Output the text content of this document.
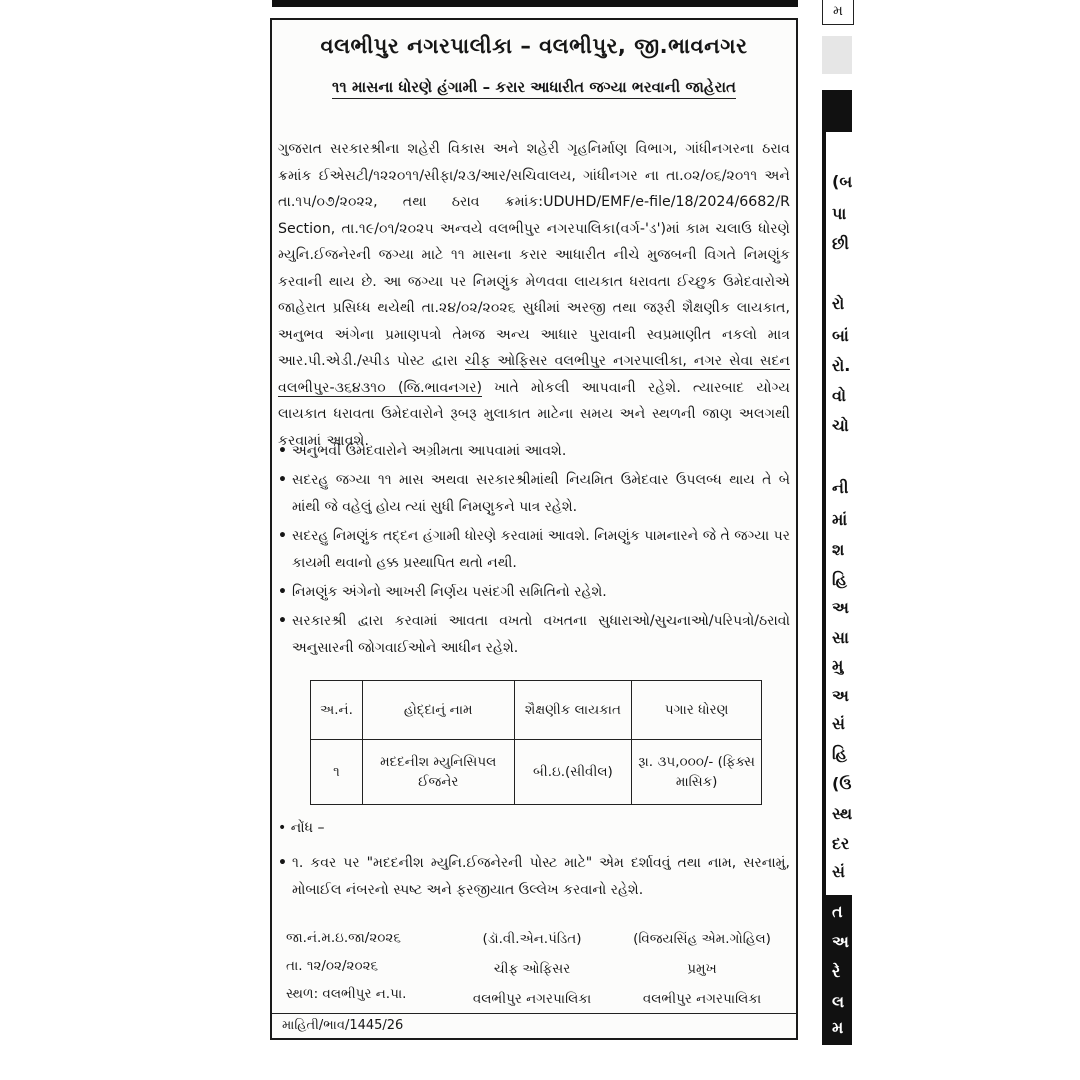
વલભીપુર નગરપાલીકા – વલભીપુર, જી.ભાવનગર
૧૧ માસના ધોરણે હંગામી – કરાર આધારીત જગ્યા ભરવાની જાહેરાત
ગુજરાત સરકારશ્રીના શહેરી વિકાસ અને શહેરી ગૃહનિર્માણ વિભાગ, ગાંધીનગરના ઠરાવ ક્રમાંક ઈએસટી/૧૨૨૦૧૧/સીફા/૨૩/આર/સચિવાલય, ગાંધીનગર ના તા.૦૨/૦૬/૨૦૧૧ અને તા.૧૫/૦૭/૨૦૨૨, તથા ઠરાવ ક્રમાંક:UDUHD/EMF/e-file/18/2024/6682/R Section, તા.૧૯/૦૧/૨૦૨૫ અન્વયે વલભીપુર નગરપાલિકા(વર્ગ-'ડ')માં કામ ચલાઉ ધોરણે મ્યુનિ.ઈજનેરની જગ્યા માટે ૧૧ માસના કરાર આધારીત નીચે મુજબની વિગતે નિમણુંક કરવાની થાય છે. આ જગ્યા પર નિમણુંક મેળવવા લાયકાત ધરાવતા ઈચ્છુક ઉમેદવારોએ જાહેરાત પ્રસિધ્ધ થયેથી તા.૨૪/૦૨/૨૦૨૬ સુધીમાં અરજી તથા જરૂરી શૈક્ષણીક લાયકાત, અનુભવ અંગેના પ્રમાણપત્રો તેમજ અન્ય આધાર પુરાવાની સ્વપ્રમાણીત નકલો માત્ર આર.પી.એડી./સ્પીડ પોસ્ટ દ્વારા ચીફ ઓફિસર વલભીપુર નગરપાલીકા, નગર સેવા સદન વલભીપુર-૩૬૪૩૧૦ (જિ.ભાવનગર) ખાતે મોકલી આપવાની રહેશે. ત્યારબાદ યોગ્ય લાયકાત ધરાવતા ઉમેદવારોને રૂબરૂ મુલાકાત માટેના સમય અને સ્થળની જાણ અલગથી કરવામાં આવશે.
• અનુભવી ઉમેદવારોને અગ્રીમતા આપવામાં આવશે.
• સદરહુ જગ્યા ૧૧ માસ અથવા સરકારશ્રીમાંથી નિયમિત ઉમેદવાર ઉપલબ્ધ થાય તે બે માંથી જે વહેલું હોય ત્યાં સુધી નિમણુકને પાત્ર રહેશે.
• સદરહુ નિમણુંક તદ્દન હંગામી ધોરણે કરવામાં આવશે. નિમણુંક પામનારને જે તે જગ્યા પર કાયમી થવાનો હક્ક પ્રસ્થાપિત થતો નથી.
• નિમણુંક અંગેનો આખરી નિર્ણય પસંદગી સમિતિનો રહેશે.
• સરકારશ્રી દ્વારા કરવામાં આવતા વખતો વખતના સુધારાઓ/સુચનાઓ/પરિપત્રો/ઠરાવો અનુસારની જોગવાઈઓને આધીન રહેશે.
અ.નં.	હોદ્દાનું નામ	શૈક્ષણીક લાયકાત	પગાર ધોરણ
૧	મદદનીશ મ્યુનિસિપલ ઈજનેર	બી.ઇ.(સીવીલ)	રૂા. ૩૫,૦૦૦/- (ફિક્સ માસિક)
• નોંધ –
• ૧. કવર પર "મદદનીશ મ્યુનિ.ઈજનેરની પોસ્ટ માટે" એમ દર્શાવવું તથા નામ, સરનામું, મોબાઈલ નંબરનો સ્પષ્ટ અને ફરજીયાત ઉલ્લેખ કરવાનો રહેશે.
જા.નં.મ.ઇ.જા/૨૦૨૬
તા. ૧૨/૦૨/૨૦૨૬
સ્થળ: વલભીપુર ન.પા.
(ડૉ.વી.એન.પંડિત)
ચીફ ઓફિસર
વલભીપુર નગરપાલિકા
(વિજયસિંહ એમ.ગોહિલ)
પ્રમુખ
વલભીપુર નગરપાલિકા
માહિતી/ભાવ/1445/26
મ
(બ
પા
છી
રો
બાં
રો.
વો
ચો
ની
માં
શ
હિ
અ
સા
મુ
અ
સં
હિ
(ઉ
સ્થ
દર
સં
ત
અ
રે
લ
મ
